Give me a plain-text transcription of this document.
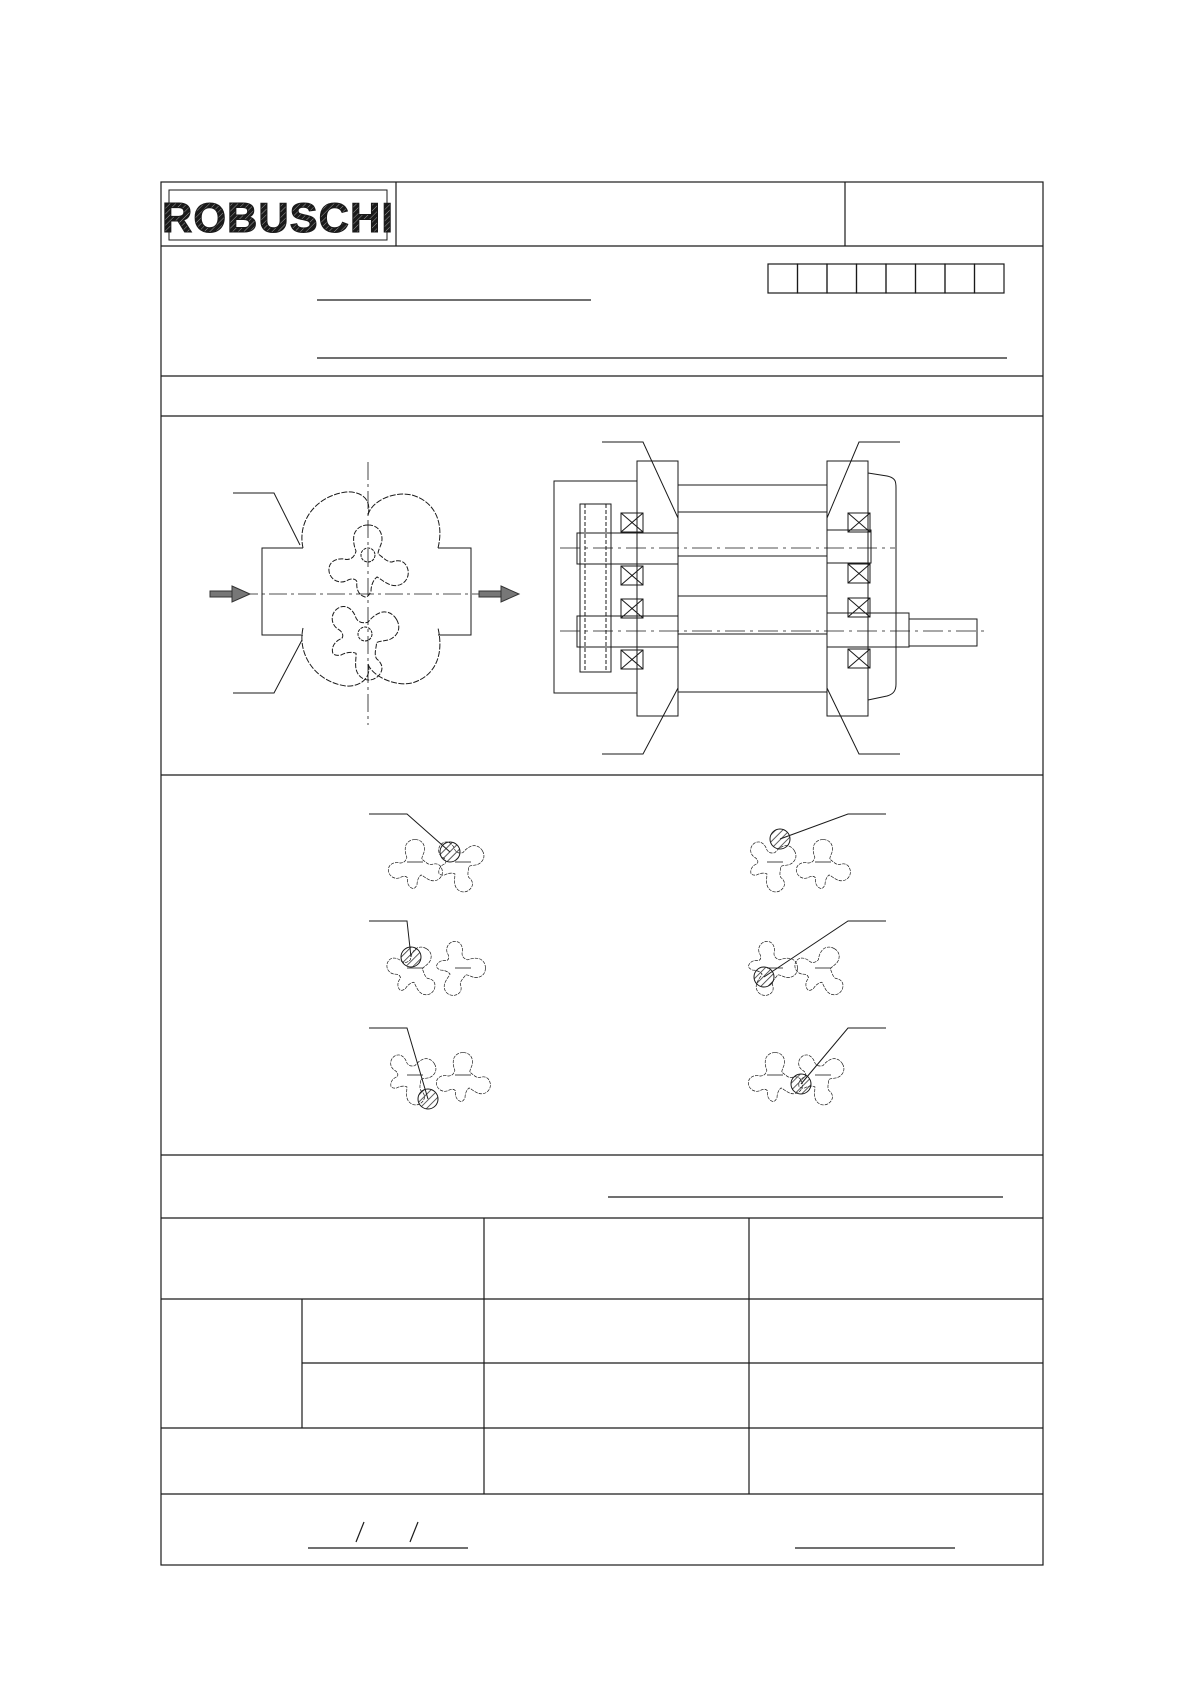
ROBUSCHI
